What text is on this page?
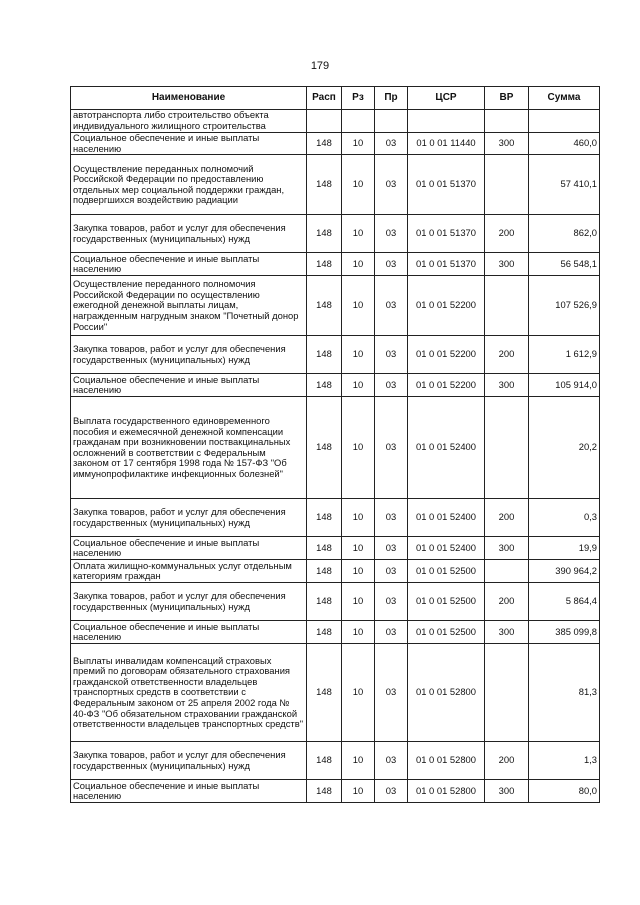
179
Наименование	Расп	Рз	Пр	ЦСР	ВР	Сумма
автотранспорта либо строительство объекта индивидуального жилищного строительства						
Социальное обеспечение и иные выплаты населению	148	10	03	01 0 01 11440	300	460,0
Осуществление переданных полномочий Российской Федерации по предоставлению отдельных мер социальной поддержки граждан, подвергшихся воздействию радиации	148	10	03	01 0 01 51370		57 410,1
Закупка товаров, работ и услуг для обеспечения государственных (муниципальных) нужд	148	10	03	01 0 01 51370	200	862,0
Социальное обеспечение и иные выплаты населению	148	10	03	01 0 01 51370	300	56 548,1
Осуществление переданного полномочия Российской Федерации по осуществлению ежегодной денежной выплаты лицам, награжденным нагрудным знаком "Почетный донор России"	148	10	03	01 0 01 52200		107 526,9
Закупка товаров, работ и услуг для обеспечения государственных (муниципальных) нужд	148	10	03	01 0 01 52200	200	1 612,9
Социальное обеспечение и иные выплаты населению	148	10	03	01 0 01 52200	300	105 914,0
Выплата государственного единовременного пособия и ежемесячной денежной компенсации гражданам при возникновении поствакцинальных осложнений в соответствии с Федеральным законом от 17 сентября 1998 года № 157-ФЗ "Об иммунопрофилактике инфекционных болезней"	148	10	03	01 0 01 52400		20,2
Закупка товаров, работ и услуг для обеспечения государственных (муниципальных) нужд	148	10	03	01 0 01 52400	200	0,3
Социальное обеспечение и иные выплаты населению	148	10	03	01 0 01 52400	300	19,9
Оплата жилищно-коммунальных услуг отдельным категориям граждан	148	10	03	01 0 01 52500		390 964,2
Закупка товаров, работ и услуг для обеспечения государственных (муниципальных) нужд	148	10	03	01 0 01 52500	200	5 864,4
Социальное обеспечение и иные выплаты населению	148	10	03	01 0 01 52500	300	385 099,8
Выплаты инвалидам компенсаций страховых премий по договорам обязательного страхования гражданской ответственности владельцев транспортных средств в соответствии с Федеральным законом от 25 апреля 2002 года № 40-ФЗ "Об обязательном страховании гражданской ответственности владельцев транспортных средств"	148	10	03	01 0 01 52800		81,3
Закупка товаров, работ и услуг для обеспечения государственных (муниципальных) нужд	148	10	03	01 0 01 52800	200	1,3
Социальное обеспечение и иные выплаты населению	148	10	03	01 0 01 52800	300	80,0
